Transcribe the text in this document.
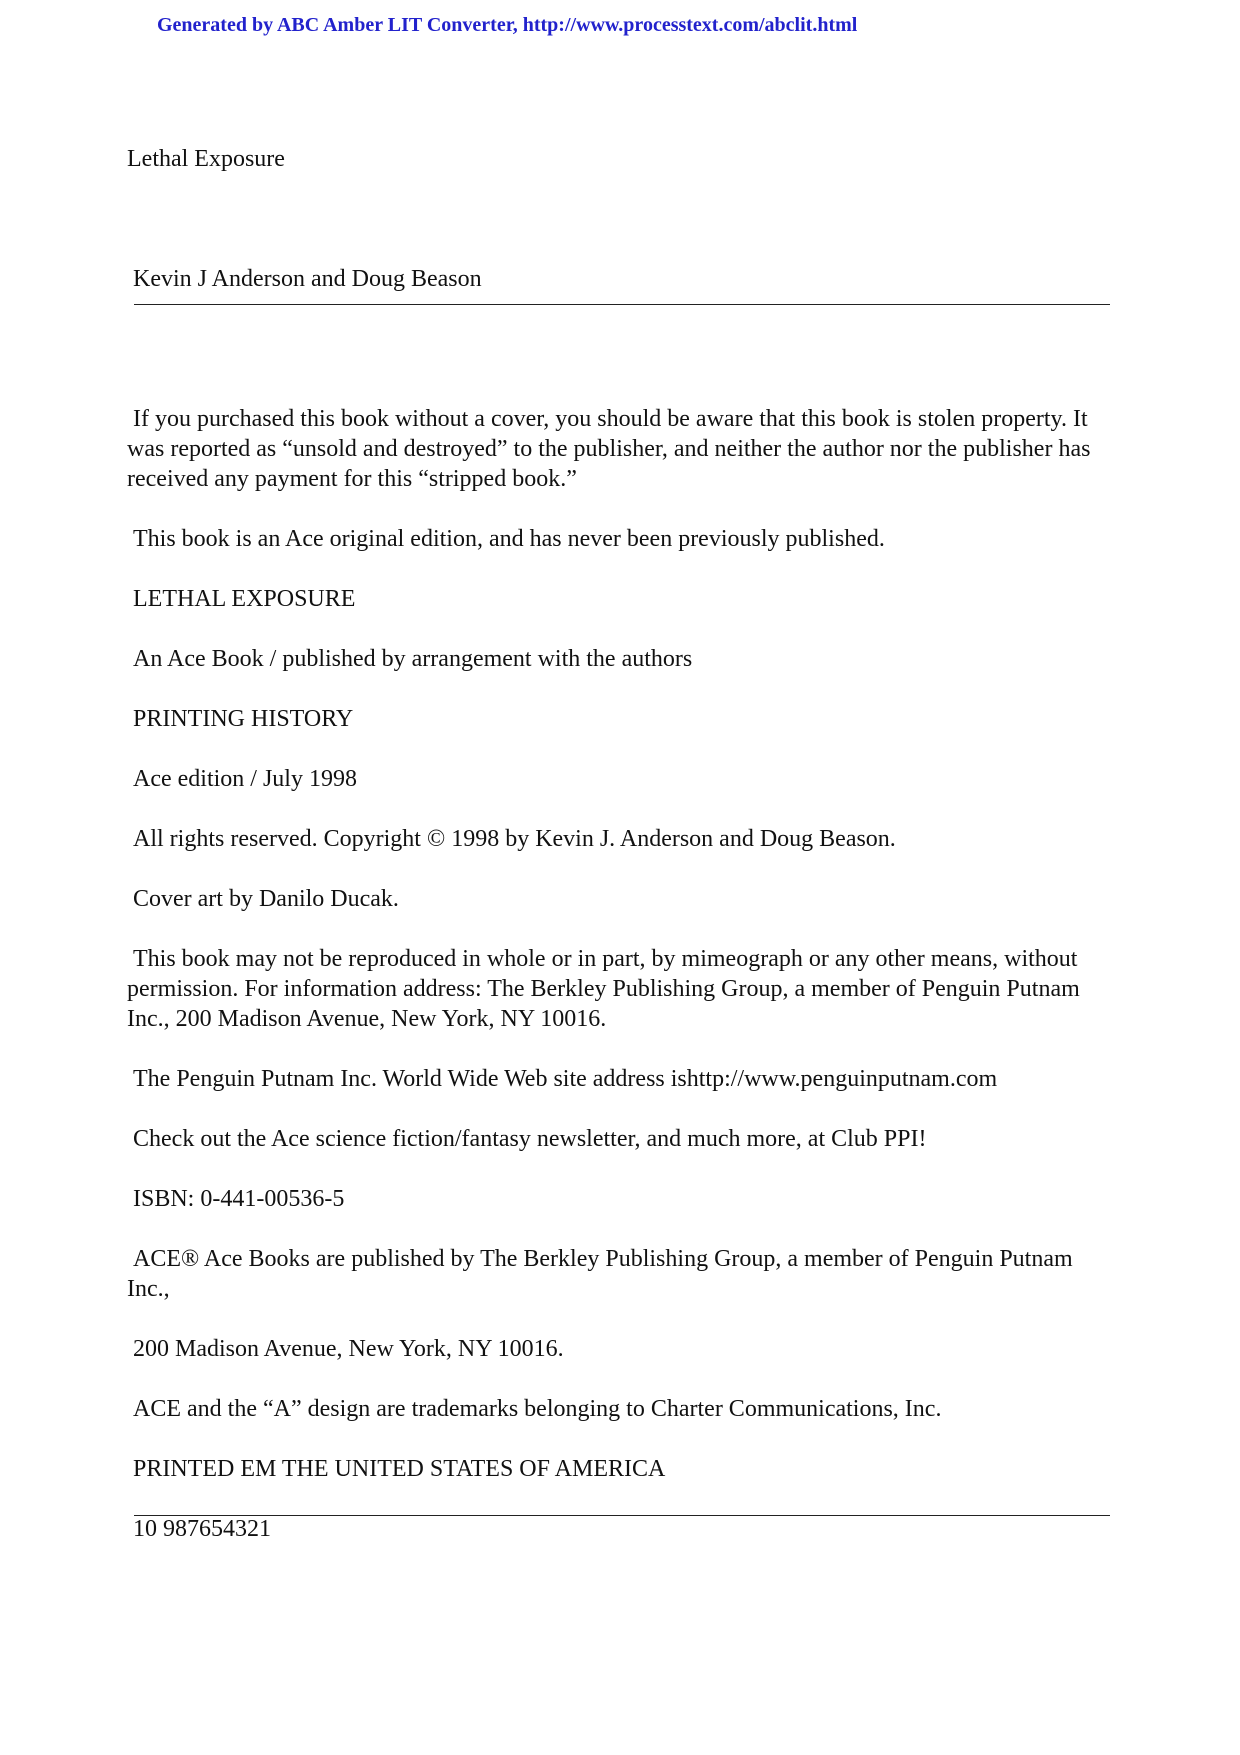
Generated by ABC Amber LIT Converter, http://www.processtext.com/abclit.html
Lethal Exposure
Kevin J Anderson and Doug Beason

If you purchased this book without a cover, you should be aware that this book is stolen property. It was reported as “unsold and destroyed” to the publisher, and neither the author nor the publisher has received any payment for this “stripped book.”

This book is an Ace original edition, and has never been previously published.

LETHAL EXPOSURE

An Ace Book / published by arrangement with the authors

PRINTING HISTORY

Ace edition / July 1998

All rights reserved. Copyright © 1998 by Kevin J. Anderson and Doug Beason.

Cover art by Danilo Ducak.

This book may not be reproduced in whole or in part, by mimeograph or any other means, without permission. For information address: The Berkley Publishing Group, a member of Penguin Putnam Inc., 200 Madison Avenue, New York, NY 10016.

The Penguin Putnam Inc. World Wide Web site address ishttp://www.penguinputnam.com

Check out the Ace science fiction/fantasy newsletter, and much more, at Club PPI!

ISBN: 0-441-00536-5

ACE® Ace Books are published by The Berkley Publishing Group, a member of Penguin Putnam Inc.,

200 Madison Avenue, New York, NY 10016.

ACE and the “A” design are trademarks belonging to Charter Communications, Inc.

PRINTED EM THE UNITED STATES OF AMERICA

10 987654321
